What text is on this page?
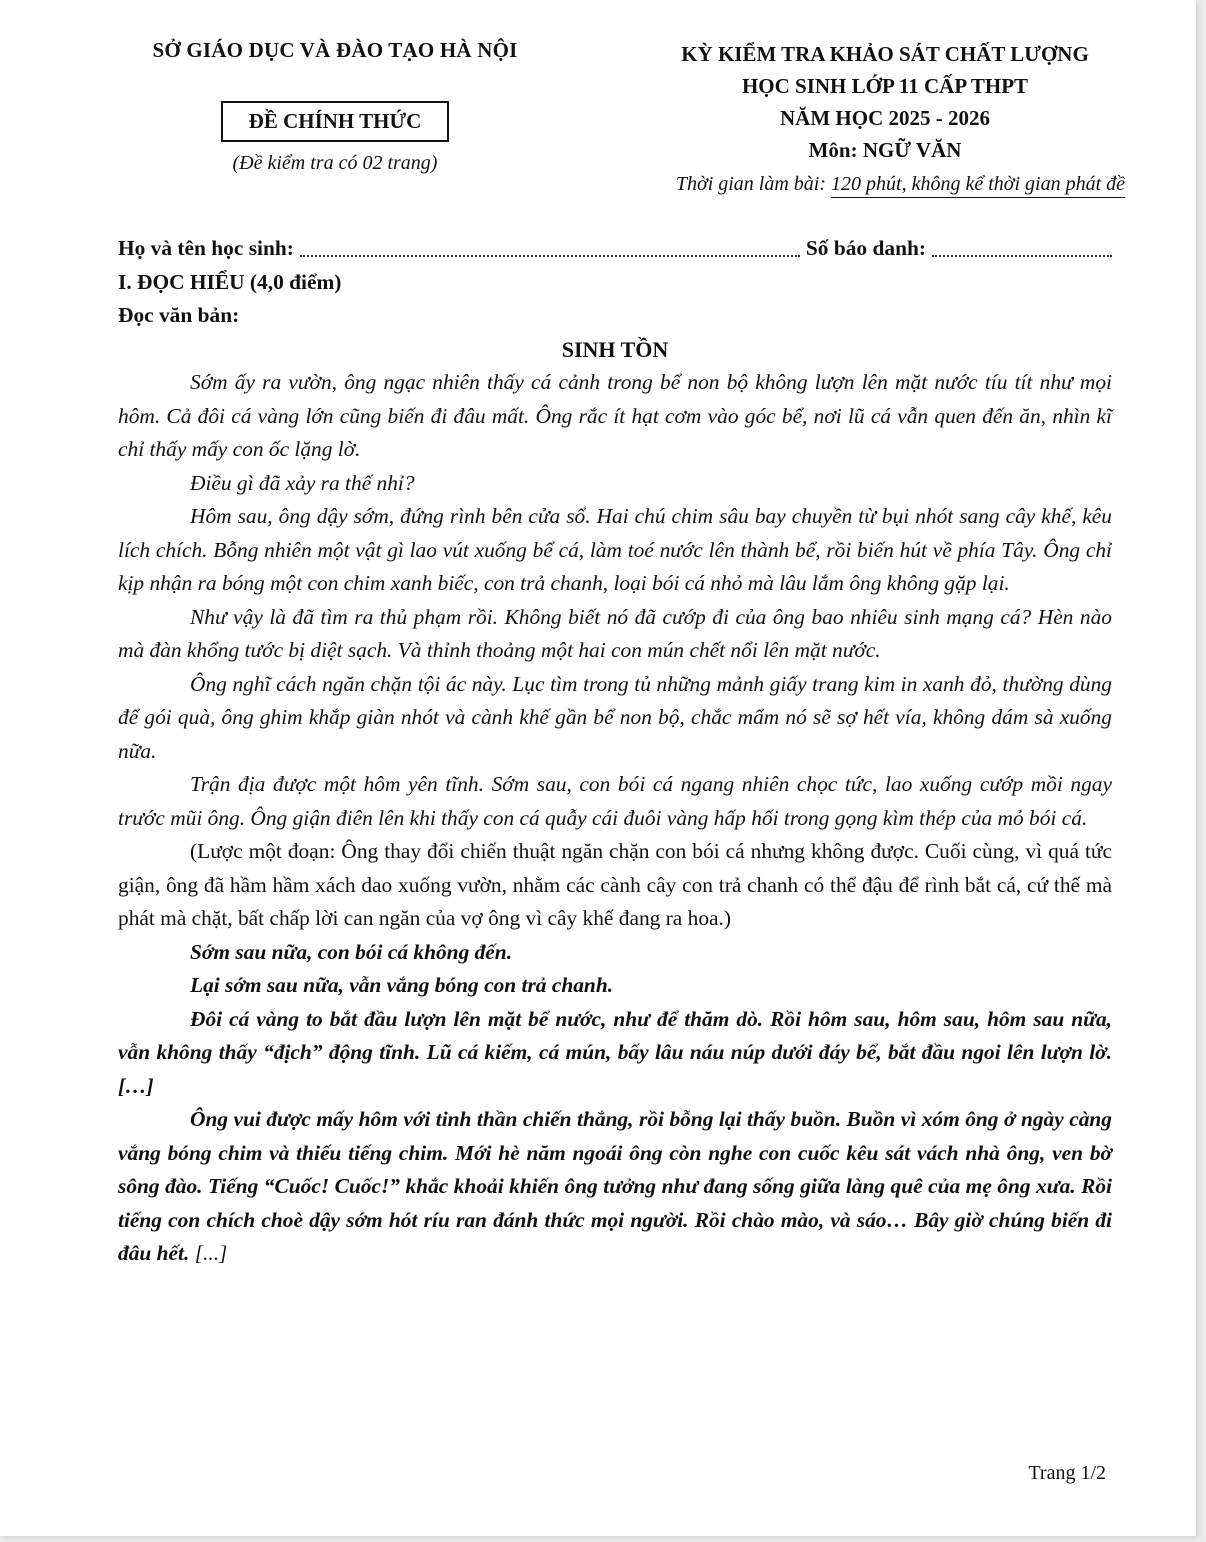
SỞ GIÁO DỤC VÀ ĐÀO TẠO HÀ NỘI
ĐỀ CHÍNH THỨC
(Đề kiểm tra có 02 trang)
KỲ KIỂM TRA KHẢO SÁT CHẤT LƯỢNG
HỌC SINH LỚP 11 CẤP THPT
NĂM HỌC 2025 - 2026
Môn: NGỮ VĂN
Thời gian làm bài: 120 phút, không kể thời gian phát đề
Họ và tên học sinh:	Số báo danh:
I. ĐỌC HIỂU (4,0 điểm)
Đọc văn bản:
SINH TỒN

Sớm ấy ra vườn, ông ngạc nhiên thấy cá cảnh trong bể non bộ không lượn lên mặt nước tíu tít như mọi hôm. Cả đôi cá vàng lớn cũng biến đi đâu mất. Ông rắc ít hạt cơm vào góc bể, nơi lũ cá vẫn quen đến ăn, nhìn kĩ chỉ thấy mấy con ốc lặng lờ.

Điều gì đã xảy ra thế nhỉ?

Hôm sau, ông dậy sớm, đứng rình bên cửa sổ. Hai chú chim sâu bay chuyền từ bụi nhót sang cây khế, kêu lích chích. Bỗng nhiên một vật gì lao vút xuống bể cá, làm toé nước lên thành bể, rồi biến hút về phía Tây. Ông chỉ kịp nhận ra bóng một con chim xanh biếc, con trả chanh, loại bói cá nhỏ mà lâu lắm ông không gặp lại.

Như vậy là đã tìm ra thủ phạm rồi. Không biết nó đã cướp đi của ông bao nhiêu sinh mạng cá? Hèn nào mà đàn khổng tước bị diệt sạch. Và thỉnh thoảng một hai con mún chết nổi lên mặt nước.

Ông nghĩ cách ngăn chặn tội ác này. Lục tìm trong tủ những mảnh giấy trang kim in xanh đỏ, thường dùng để gói quà, ông ghim khắp giàn nhót và cành khế gần bể non bộ, chắc mẩm nó sẽ sợ hết vía, không dám sà xuống nữa.

Trận địa được một hôm yên tĩnh. Sớm sau, con bói cá ngang nhiên chọc tức, lao xuống cướp mồi ngay trước mũi ông. Ông giận điên lên khi thấy con cá quẫy cái đuôi vàng hấp hối trong gọng kìm thép của mỏ bói cá.

(Lược một đoạn: Ông thay đổi chiến thuật ngăn chặn con bói cá nhưng không được. Cuối cùng, vì quá tức giận, ông đã hầm hầm xách dao xuống vườn, nhằm các cành cây con trả chanh có thể đậu để rình bắt cá, cứ thế mà phát mà chặt, bất chấp lời can ngăn của vợ ông vì cây khế đang ra hoa.)

Sớm sau nữa, con bói cá không đến.

Lại sớm sau nữa, vẫn vắng bóng con trả chanh.

Đôi cá vàng to bắt đầu lượn lên mặt bể nước, như để thăm dò. Rồi hôm sau, hôm sau, hôm sau nữa, vẫn không thấy “địch” động tĩnh. Lũ cá kiếm, cá mún, bấy lâu náu núp dưới đáy bể, bắt đầu ngoi lên lượn lờ. […]

Ông vui được mấy hôm với tinh thần chiến thắng, rồi bỗng lại thấy buồn. Buồn vì xóm ông ở ngày càng vắng bóng chim và thiếu tiếng chim. Mới hè năm ngoái ông còn nghe con cuốc kêu sát vách nhà ông, ven bờ sông đào. Tiếng “Cuốc! Cuốc!” khắc khoải khiến ông tưởng như đang sống giữa làng quê của mẹ ông xưa. Rồi tiếng con chích choè dậy sớm hót ríu ran đánh thức mọi người. Rồi chào mào, và sáo… Bây giờ chúng biến đi đâu hết. [...]

Trang 1/2
